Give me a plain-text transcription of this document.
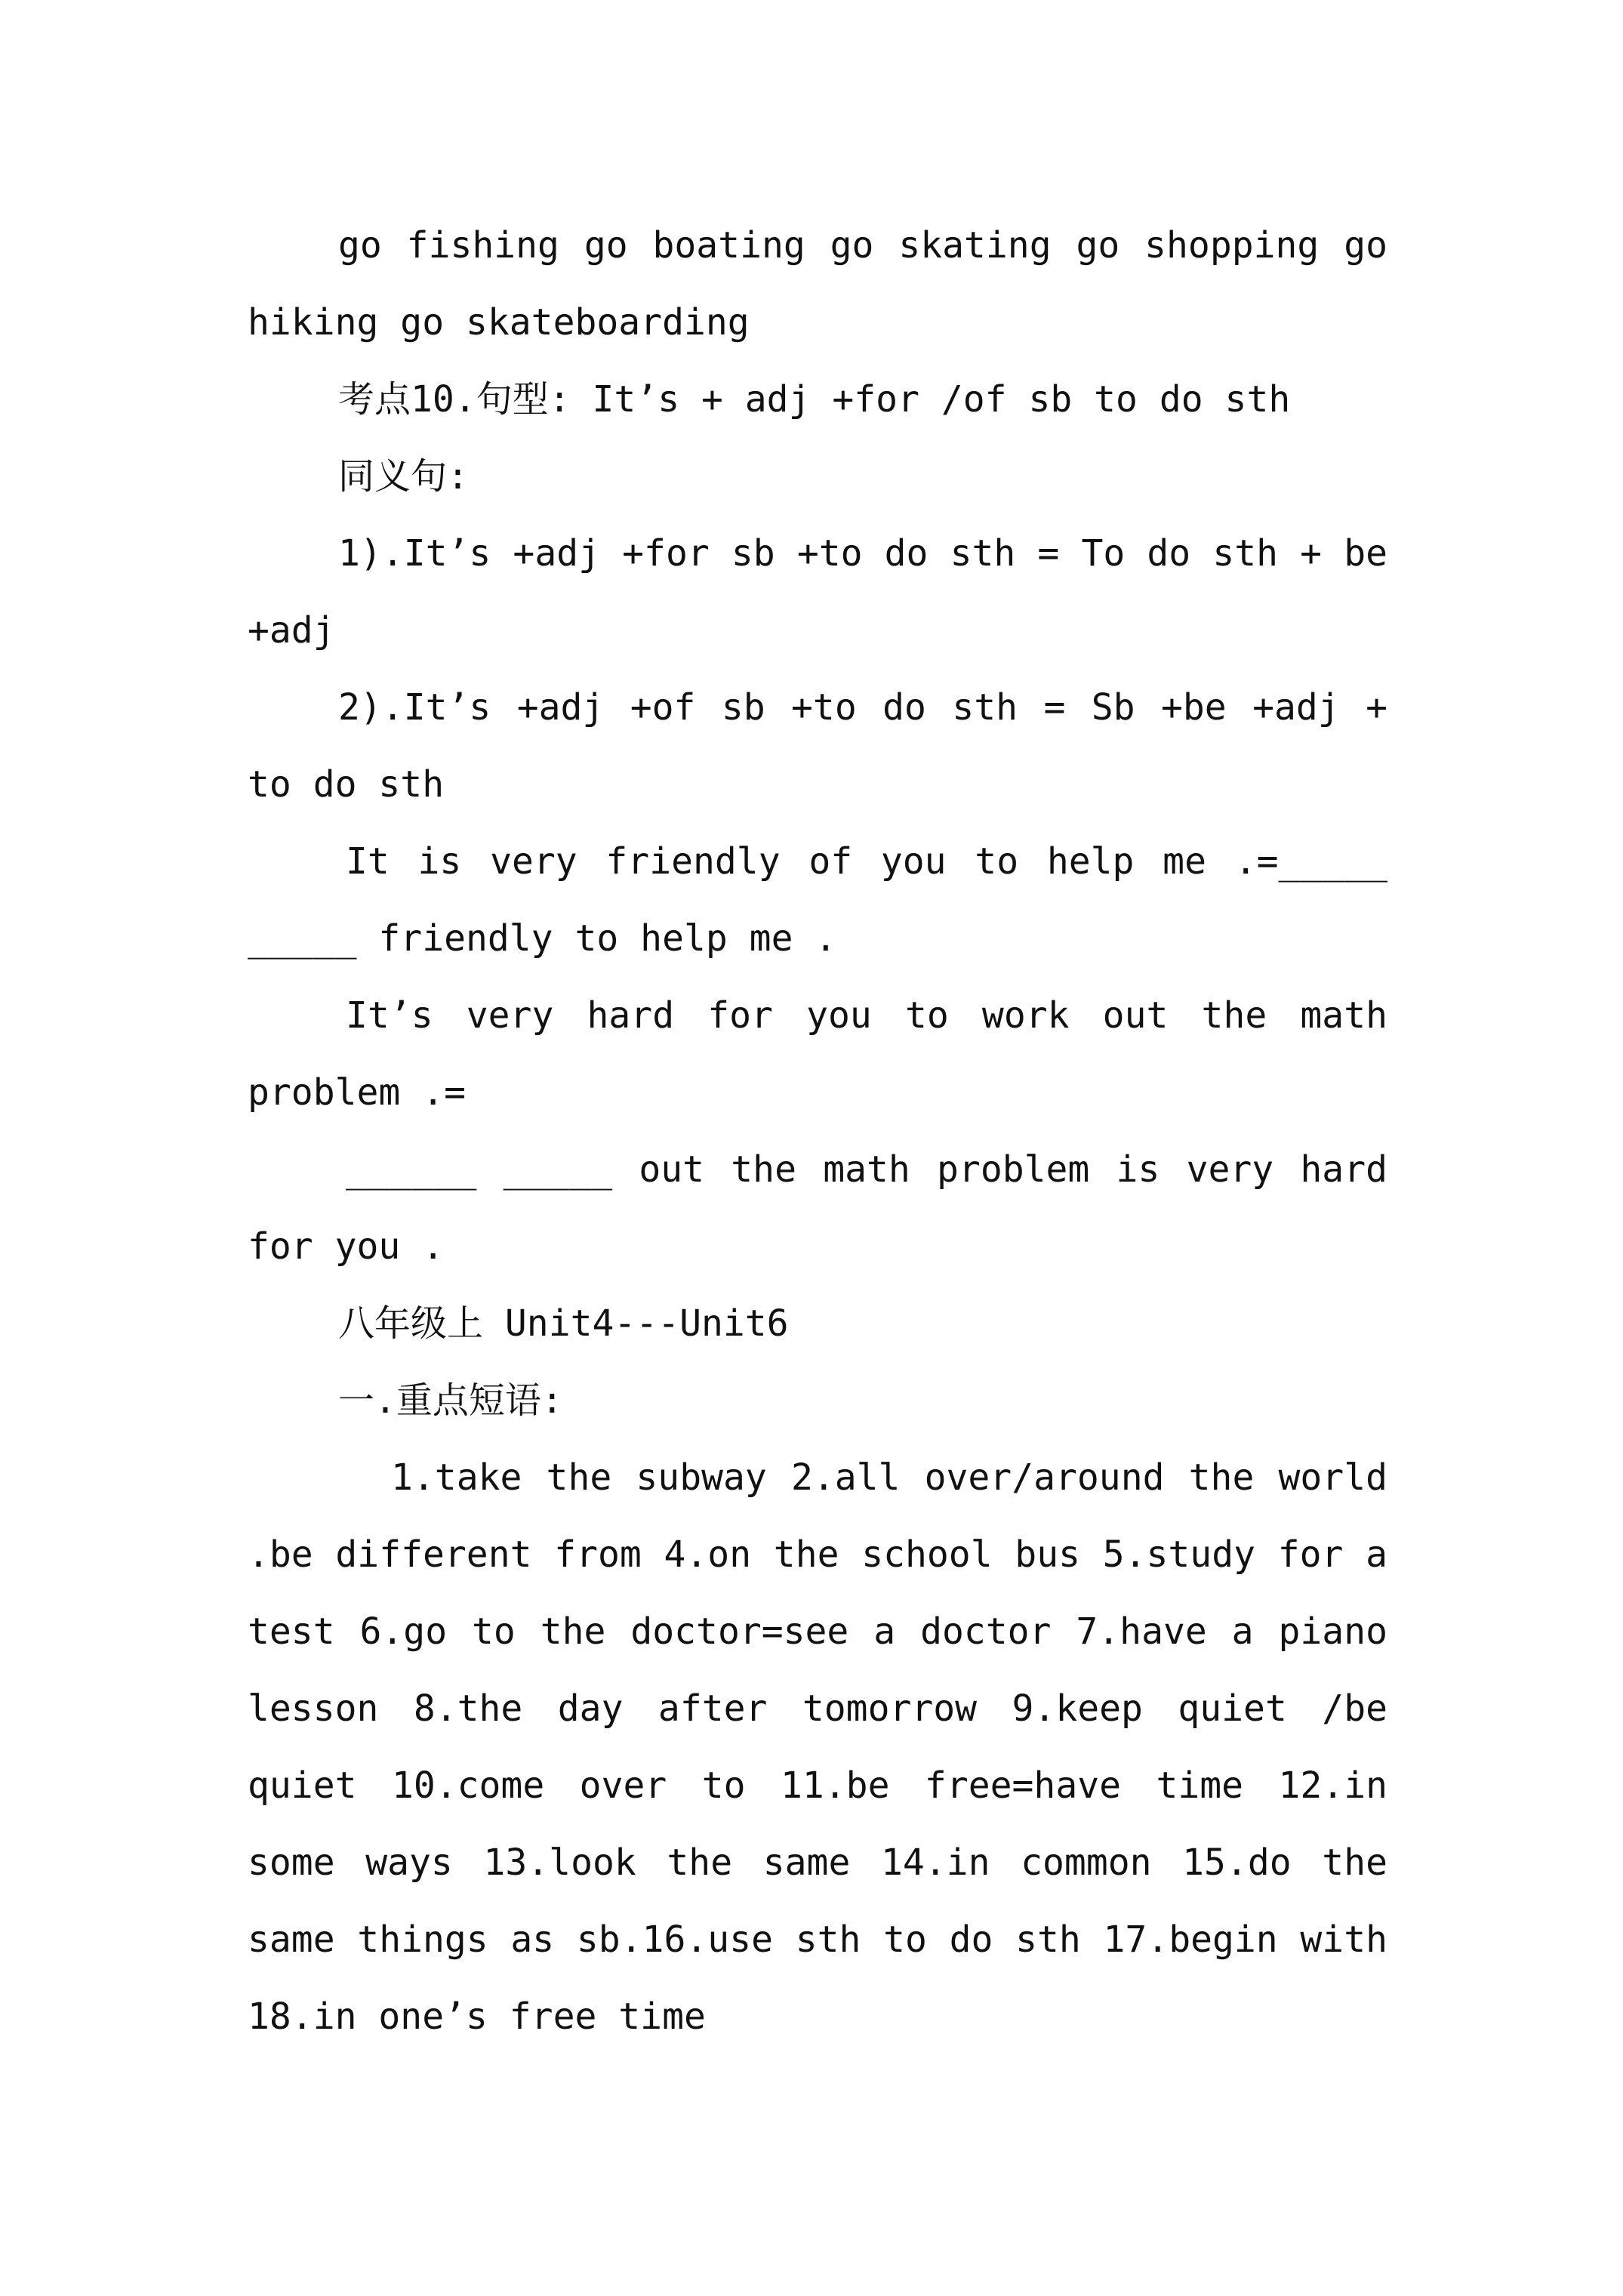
go fishing go boating go skating go shopping go hiking go skateboarding

考点10.句型: It’s + adj +for /of sb to do sth

同义句:

1).It’s +adj +for sb +to do sth = To do sth + be +adj

2).It’s +adj +of sb +to do sth = Sb +be +adj + to do sth

It is very friendly of you to help me .=_____ _____ friendly to help me .

It’s very hard for you to work out the math problem .=

______ _____ out the math problem is very hard for you .

八年级上 Unit4---Unit6

一.重点短语:

1.take the subway 2.all over/around the world .be different from 4.on the school bus 5.study for a test 6.go to the doctor=see a doctor 7.have a piano lesson 8.the day after tomorrow 9.keep quiet /be quiet 10.come over to 11.be free=have time 12.in some ways 13.look the same 14.in common 15.do the same things as sb.16.use sth to do sth 17.begin with 18.in one’s free time
